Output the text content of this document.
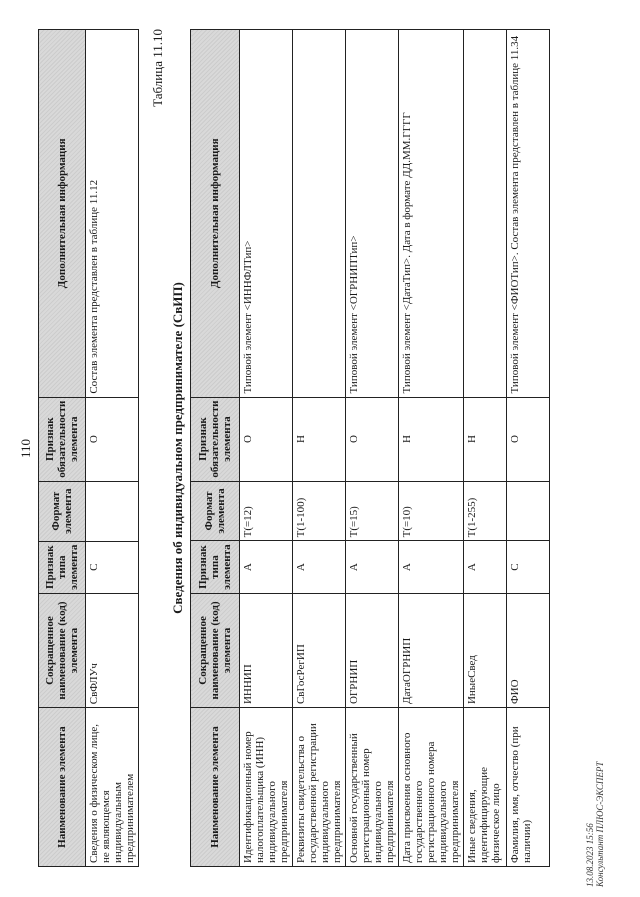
110
Наименование элемента	Сокращенное наименование (код) элемента	Признак типа элемента	Формат элемента	Признак обязательности элемента	Дополнительная информация
Сведения о физическом лице, не являющемся индивидуальным предпринимателем	СвФЛУч	С		О	Состав элемента представлен в таблице 11.12
Таблица 11.10
Сведения об индивидуальном предпринимателе (СвИП)
Наименование элемента	Сокращенное наименование (код) элемента	Признак типа элемента	Формат элемента	Признак обязательности элемента	Дополнительная информация
Идентификационный номер налогоплательщика (ИНН) индивидуального предпринимателя	ИННИП	А	Т(=12)	О	Типовой элемент <ИННФЛТип>
Реквизиты свидетельства о государственной регистрации индивидуального предпринимателя	СвГосРегИП	А	Т(1-100)	Н	
Основной государственный регистрационный номер индивидуального предпринимателя	ОГРНИП	А	Т(=15)	О	Типовой элемент <ОГРНИПТип>
Дата присвоения основного государственного регистрационного номера индивидуального предпринимателя	ДатаОГРНИП	А	Т(=10)	Н	Типовой элемент <ДатаТип>. Дата в формате ДД.ММ.ГГГГ
Иные сведения, идентифицирующие физическое лицо	ИныеСвед	А	Т(1-255)	Н	
Фамилия, имя, отчество (при наличии)	ФИО	С		О	Типовой элемент <ФИОТип>. Состав элемента представлен в таблице 11.34
13.08.2023 15:56 Консультант ПЛЮС-ЭКСПЕРТ
